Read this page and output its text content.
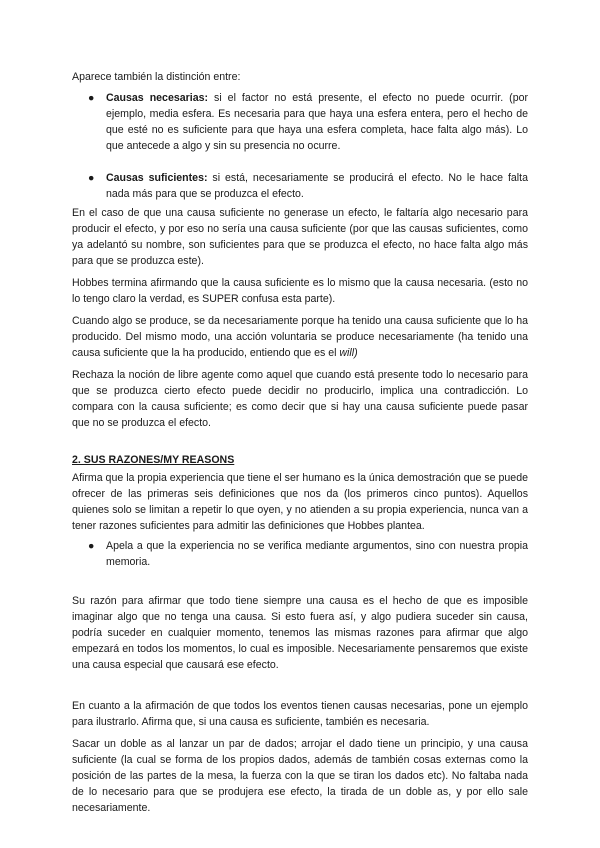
Aparece también la distinción entre:

● Causas necesarias: si el factor no está presente, el efecto no puede ocurrir. (por ejemplo, media esfera. Es necesaria para que haya una esfera entera, pero el hecho de que esté no es suficiente para que haya una esfera completa, hace falta algo más). Lo que antecede a algo y sin su presencia no ocurre.
● Causas suficientes: si está, necesariamente se producirá el efecto. No le hace falta nada más para que se produzca el efecto.

En el caso de que una causa suficiente no generase un efecto, le faltaría algo necesario para producir el efecto, y por eso no sería una causa suficiente (por que las causas suficientes, como ya adelantó su nombre, son suficientes para que se produzca el efecto, no hace falta algo más para que se produzca este).

Hobbes termina afirmando que la causa suficiente es lo mismo que la causa necesaria. (esto no lo tengo claro la verdad, es SUPER confusa esta parte).

Cuando algo se produce, se da necesariamente porque ha tenido una causa suficiente que lo ha producido. Del mismo modo, una acción voluntaria se produce necesariamente (ha tenido una causa suficiente que la ha producido, entiendo que es el will)

Rechaza la noción de libre agente como aquel que cuando está presente todo lo necesario para que se produzca cierto efecto puede decidir no producirlo, implica una contradicción. Lo compara con la causa suficiente; es como decir que si hay una causa suficiente puede pasar que no se produzca el efecto.

2. SUS RAZONES/MY REASONS

Afirma que la propia experiencia que tiene el ser humano es la única demostración que se puede ofrecer de las primeras seis definiciones que nos da (los primeros cinco puntos). Aquellos quienes solo se limitan a repetir lo que oyen, y no atienden a su propia experiencia, nunca van a tener razones suficientes para admitir las definiciones que Hobbes plantea.

● Apela a que la experiencia no se verifica mediante argumentos, sino con nuestra propia memoria.

Su razón para afirmar que todo tiene siempre una causa es el hecho de que es imposible imaginar algo que no tenga una causa. Si esto fuera así, y algo pudiera suceder sin causa, podría suceder en cualquier momento, tenemos las mismas razones para afirmar que algo empezará en todos los momentos, lo cual es imposible. Necesariamente pensaremos que existe una causa especial que causará ese efecto.

En cuanto a la afirmación de que todos los eventos tienen causas necesarias, pone un ejemplo para ilustrarlo. Afirma que, si una causa es suficiente, también es necesaria.

Sacar un doble as al lanzar un par de dados; arrojar el dado tiene un principio, y una causa suficiente (la cual se forma de los propios dados, además de también cosas externas como la posición de las partes de la mesa, la fuerza con la que se tiran los dados etc). No faltaba nada de lo necesario para que se produjera ese efecto, la tirada de un doble as, y por ello sale necesariamente.
